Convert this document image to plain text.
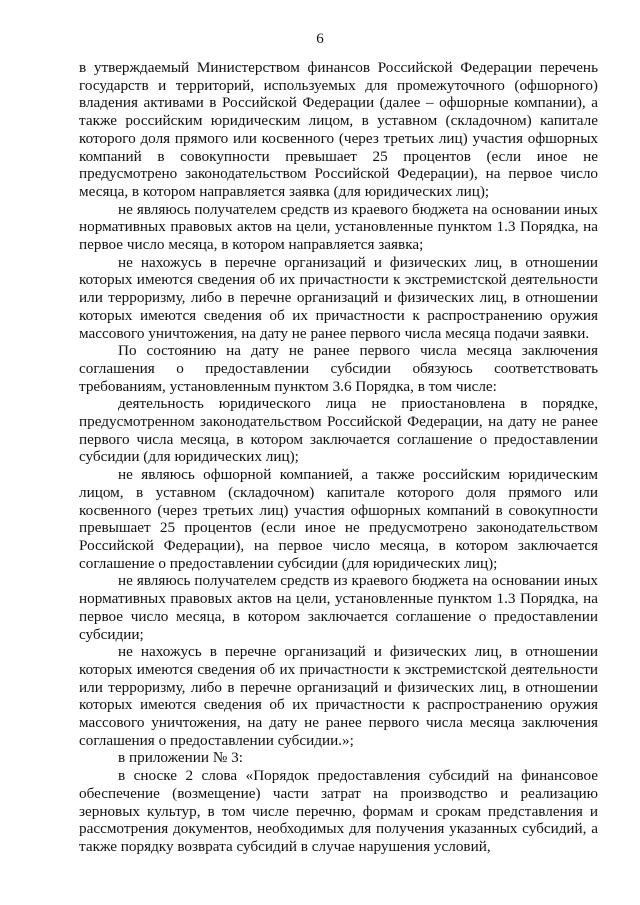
6

в утверждаемый Министерством финансов Российской Федерации перечень государств и территорий, используемых для промежуточного (офшорного) владения активами в Российской Федерации (далее – офшорные компании), а также российским юридическим лицом, в уставном (складочном) капитале которого доля прямого или косвенного (через третьих лиц) участия офшорных компаний в совокупности превышает 25 процентов (если иное не предусмотрено законодательством Российской Федерации), на первое число месяца, в котором направляется заявка (для юридических лиц);

не являюсь получателем средств из краевого бюджета на основании иных нормативных правовых актов на цели, установленные пунктом 1.3 Порядка, на первое число месяца, в котором направляется заявка;

не нахожусь в перечне организаций и физических лиц, в отношении которых имеются сведения об их причастности к экстремистской деятельности или терроризму, либо в перечне организаций и физических лиц, в отношении которых имеются сведения об их причастности к распространению оружия массового уничтожения, на дату не ранее первого числа месяца подачи заявки.

По состоянию на дату не ранее первого числа месяца заключения соглашения о предоставлении субсидии обязуюсь соответствовать требованиям, установленным пунктом 3.6 Порядка, в том числе:

деятельность юридического лица не приостановлена в порядке, предусмотренном законодательством Российской Федерации, на дату не ранее первого числа месяца, в котором заключается соглашение о предоставлении субсидии (для юридических лиц);

не являюсь офшорной компанией, а также российским юридическим лицом, в уставном (складочном) капитале которого доля прямого или косвенного (через третьих лиц) участия офшорных компаний в совокупности превышает 25 процентов (если иное не предусмотрено законодательством Российской Федерации), на первое число месяца, в котором заключается соглашение о предоставлении субсидии (для юридических лиц);

не являюсь получателем средств из краевого бюджета на основании иных нормативных правовых актов на цели, установленные пунктом 1.3 Порядка, на первое число месяца, в котором заключается соглашение о предоставлении субсидии;

не нахожусь в перечне организаций и физических лиц, в отношении которых имеются сведения об их причастности к экстремистской деятельности или терроризму, либо в перечне организаций и физических лиц, в отношении которых имеются сведения об их причастности к распространению оружия массового уничтожения, на дату не ранее первого числа месяца заключения соглашения о предоставлении субсидии.»;

в приложении № 3:

в сноске 2 слова «Порядок предоставления субсидий на финансовое обеспечение (возмещение) части затрат на производство и реализацию зерновых культур, в том числе перечню, формам и срокам представления и рассмотрения документов, необходимых для получения указанных субсидий, а также порядку возврата субсидий в случае нарушения условий,
